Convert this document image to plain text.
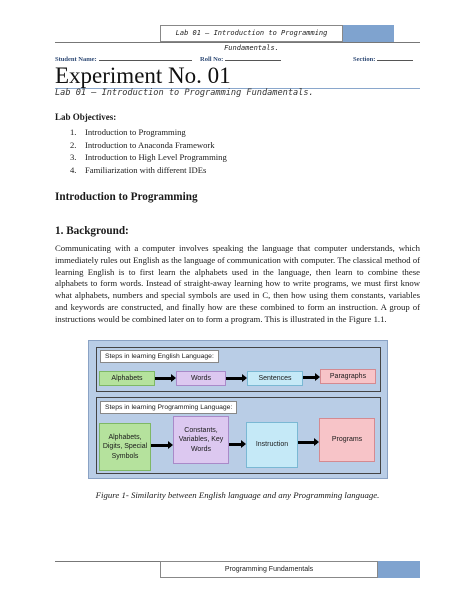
Lab 01 – Introduction to Programming Fundamentals.
Student Name:	Roll No:	Section:
Experiment No. 01
Lab 01 – Introduction to Programming Fundamentals.
Lab Objectives:
1. Introduction to Programming
2. Introduction to Anaconda Framework
3. Introduction to High Level Programming
4. Familiarization with different IDEs
Introduction to Programming
1. Background:

Communicating with a computer involves speaking the language that computer understands, which immediately rules out English as the language of communication with computer. The classical method of learning English is to first learn the alphabets used in the language, then learn to combine these alphabets to form words. Instead of straight-away learning how to write programs, we must first know what alphabets, numbers and special symbols are used in C, then how using them constants, variables and keywords are constructed, and finally how are these combined to form an instruction. A group of instructions would be combined later on to form a program. This is illustrated in the Figure 1.1.

Steps in learning English Language:
Alphabets	Words	Sentences	Paragraphs
Steps in learning Programming Language:
Alphabets, Digits, Special Symbols
Constants, Variables, Key Words
Instruction
Programs
Figure 1- Similarity between English language and any Programming language.
Programming Fundamentals
